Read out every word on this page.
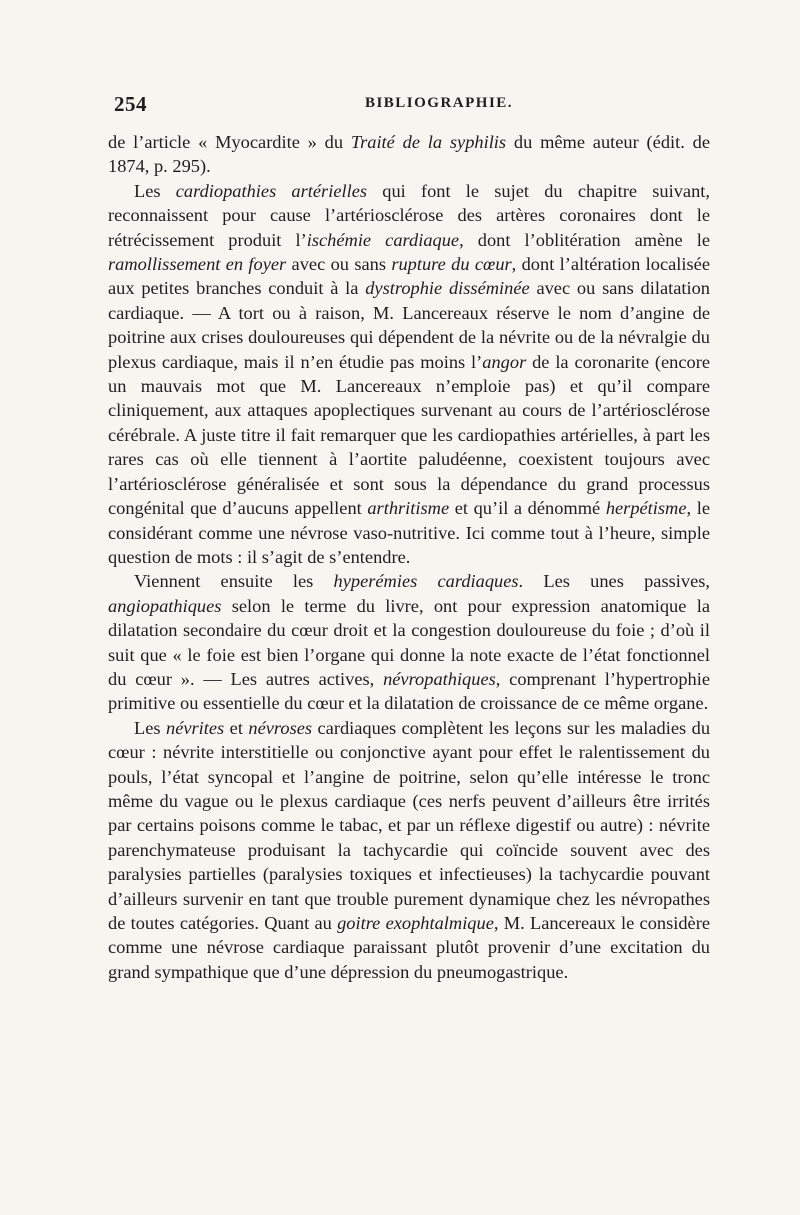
254	BIBLIOGRAPHIE.

de l’article « Myocardite » du Traité de la syphilis du même auteur (édit. de 1874, p. 295).

Les cardiopathies artérielles qui font le sujet du chapitre suivant, reconnaissent pour cause l’artériosclérose des artères coronaires dont le rétrécissement produit l’ischémie cardiaque, dont l’oblitération amène le ramollissement en foyer avec ou sans rupture du cœur, dont l’altération localisée aux petites branches conduit à la dystrophie disséminée avec ou sans dilatation cardiaque. — A tort ou à raison, M. Lancereaux réserve le nom d’angine de poitrine aux crises douloureuses qui dépendent de la névrite ou de la névralgie du plexus cardiaque, mais il n’en étudie pas moins l’angor de la coronarite (encore un mauvais mot que M. Lancereaux n’emploie pas) et qu’il compare cliniquement, aux attaques apoplectiques survenant au cours de l’artériosclérose cérébrale. A juste titre il fait remarquer que les cardiopathies artérielles, à part les rares cas où elle tiennent à l’aortite paludéenne, coexistent toujours avec l’artériosclérose généralisée et sont sous la dépendance du grand processus congénital que d’aucuns appellent arthritisme et qu’il a dénommé herpétisme, le considérant comme une névrose vaso-nutritive. Ici comme tout à l’heure, simple question de mots : il s’agit de s’entendre.

Viennent ensuite les hyperémies cardiaques. Les unes passives, angiopathiques selon le terme du livre, ont pour expression anatomique la dilatation secondaire du cœur droit et la congestion douloureuse du foie ; d’où il suit que « le foie est bien l’organe qui donne la note exacte de l’état fonctionnel du cœur ». — Les autres actives, névropathiques, comprenant l’hypertrophie primitive ou essentielle du cœur et la dilatation de croissance de ce même organe.

Les névrites et névroses cardiaques complètent les leçons sur les maladies du cœur : névrite interstitielle ou conjonctive ayant pour effet le ralentissement du pouls, l’état syncopal et l’angine de poitrine, selon qu’elle intéresse le tronc même du vague ou le plexus cardiaque (ces nerfs peuvent d’ailleurs être irrités par certains poisons comme le tabac, et par un réflexe digestif ou autre) : névrite parenchymateuse produisant la tachycardie qui coïncide souvent avec des paralysies partielles (paralysies toxiques et infectieuses) la tachycardie pouvant d’ailleurs survenir en tant que trouble purement dynamique chez les névropathes de toutes catégories. Quant au goitre exophtalmique, M. Lancereaux le considère comme une névrose cardiaque paraissant plutôt provenir d’une excitation du grand sympathique que d’une dépression du pneumogastrique.
